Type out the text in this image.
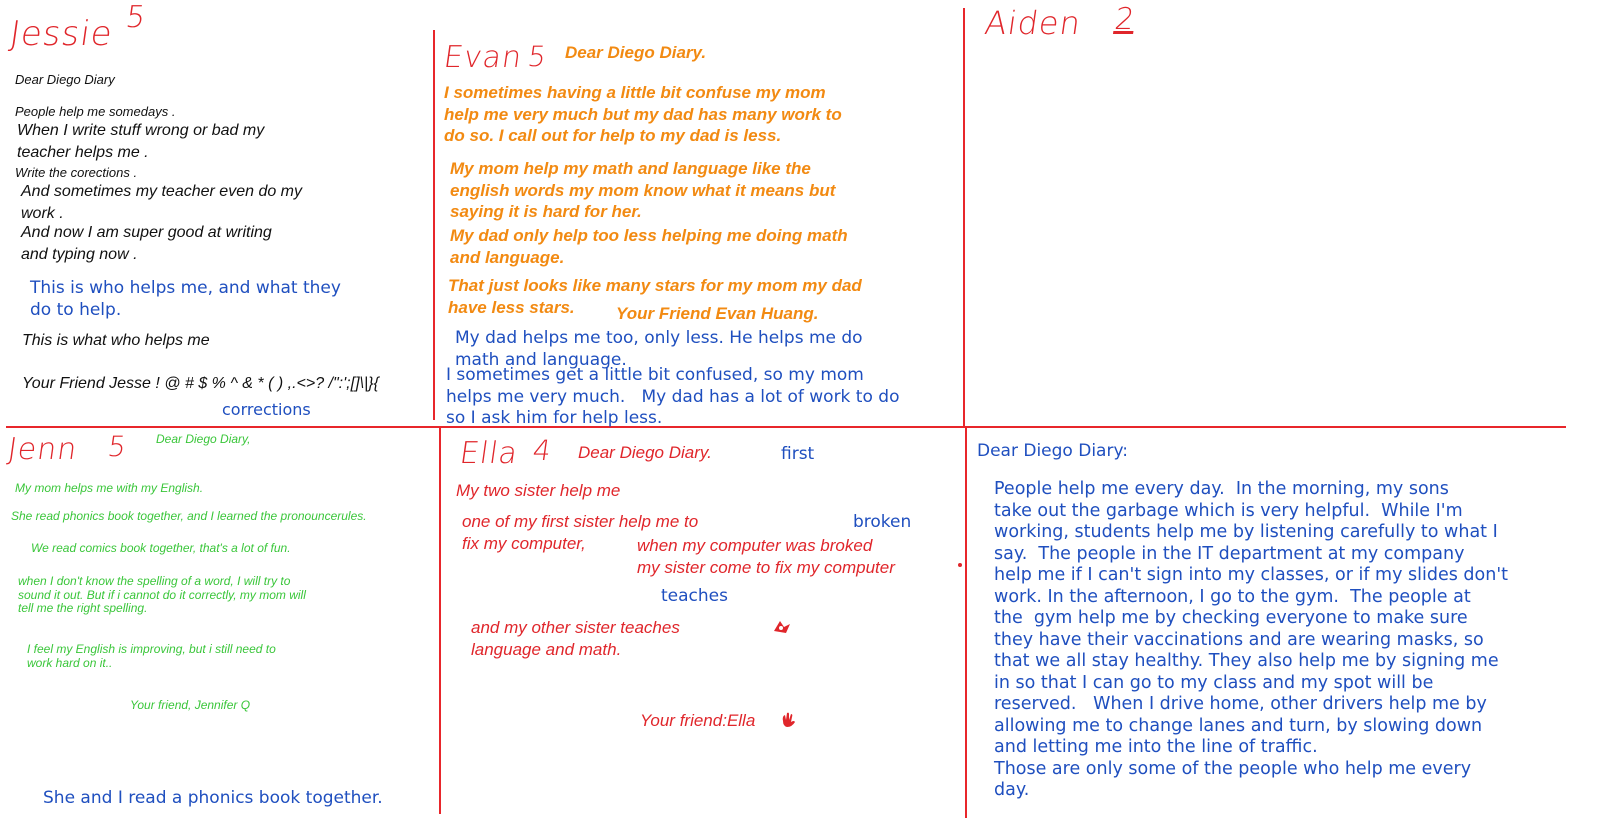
Jessie 5
Dear Diego Diary
People help me somedays .
When I write stuff wrong or bad my
teacher helps me .
Write the corections .
And sometimes my teacher even do my
work .
And now I am super good at writing
and typing now .
This is who helps me, and what they
do to help.
This is what who helps me
Your Friend Jesse ! @ # $ % ^ & * ( ) ,.<>? /":';[]\|}{
corrections
Evan 5 Dear Diego Diary.
I sometimes having a little bit confuse my mom
help me very much but my dad has many work to
do so. I call out for help to my dad is less.
My mom help my math and language like the
english words my mom know what it means but
saying it is hard for her.
My dad only help too less helping me doing math
and language.
That just looks like many stars for my mom my dad
have less stars.	Your Friend Evan Huang.
My dad helps me too, only less. He helps me do
math and language.
I sometimes get a little bit confused, so my mom
helps me very much.   My dad has a lot of work to do
so I ask him for help less.
Aiden 2
Jenn 5 Dear Diego Diary,
My mom helps me with my English.
She read phonics book together, and I learned the pronouncerules.
We read comics book together, that's a lot of fun.
when I don't know the spelling of a word, I will try to
sound it out. But if i cannot do it correctly, my mom will
tell me the right spelling.
I feel my English is improving, but i still need to
work hard on it..
Your friend, Jennifer Q
She and I read a phonics book together.
Ella 4 Dear Diego Diary.	first
My two sister help me
one of my first sister help me to
fix my computer,
broken
when my computer was broked
my sister come to fix my computer
teaches
and my other sister teaches
language and math.
Your friend:Ella
Dear Diego Diary:
People help me every day.  In the morning, my sons
take out the garbage which is very helpful.  While I'm
working, students help me by listening carefully to what I
say.  The people in the IT department at my company
help me if I can't sign into my classes, or if my slides don't
work. In the afternoon, I go to the gym.  The people at
the  gym help me by checking everyone to make sure
they have their vaccinations and are wearing masks, so
that we all stay healthy. They also help me by signing me
in so that I can go to my class and my spot will be
reserved.   When I drive home, other drivers help me by
allowing me to change lanes and turn, by slowing down
and letting me into the line of traffic.
Those are only some of the people who help me every
day.
